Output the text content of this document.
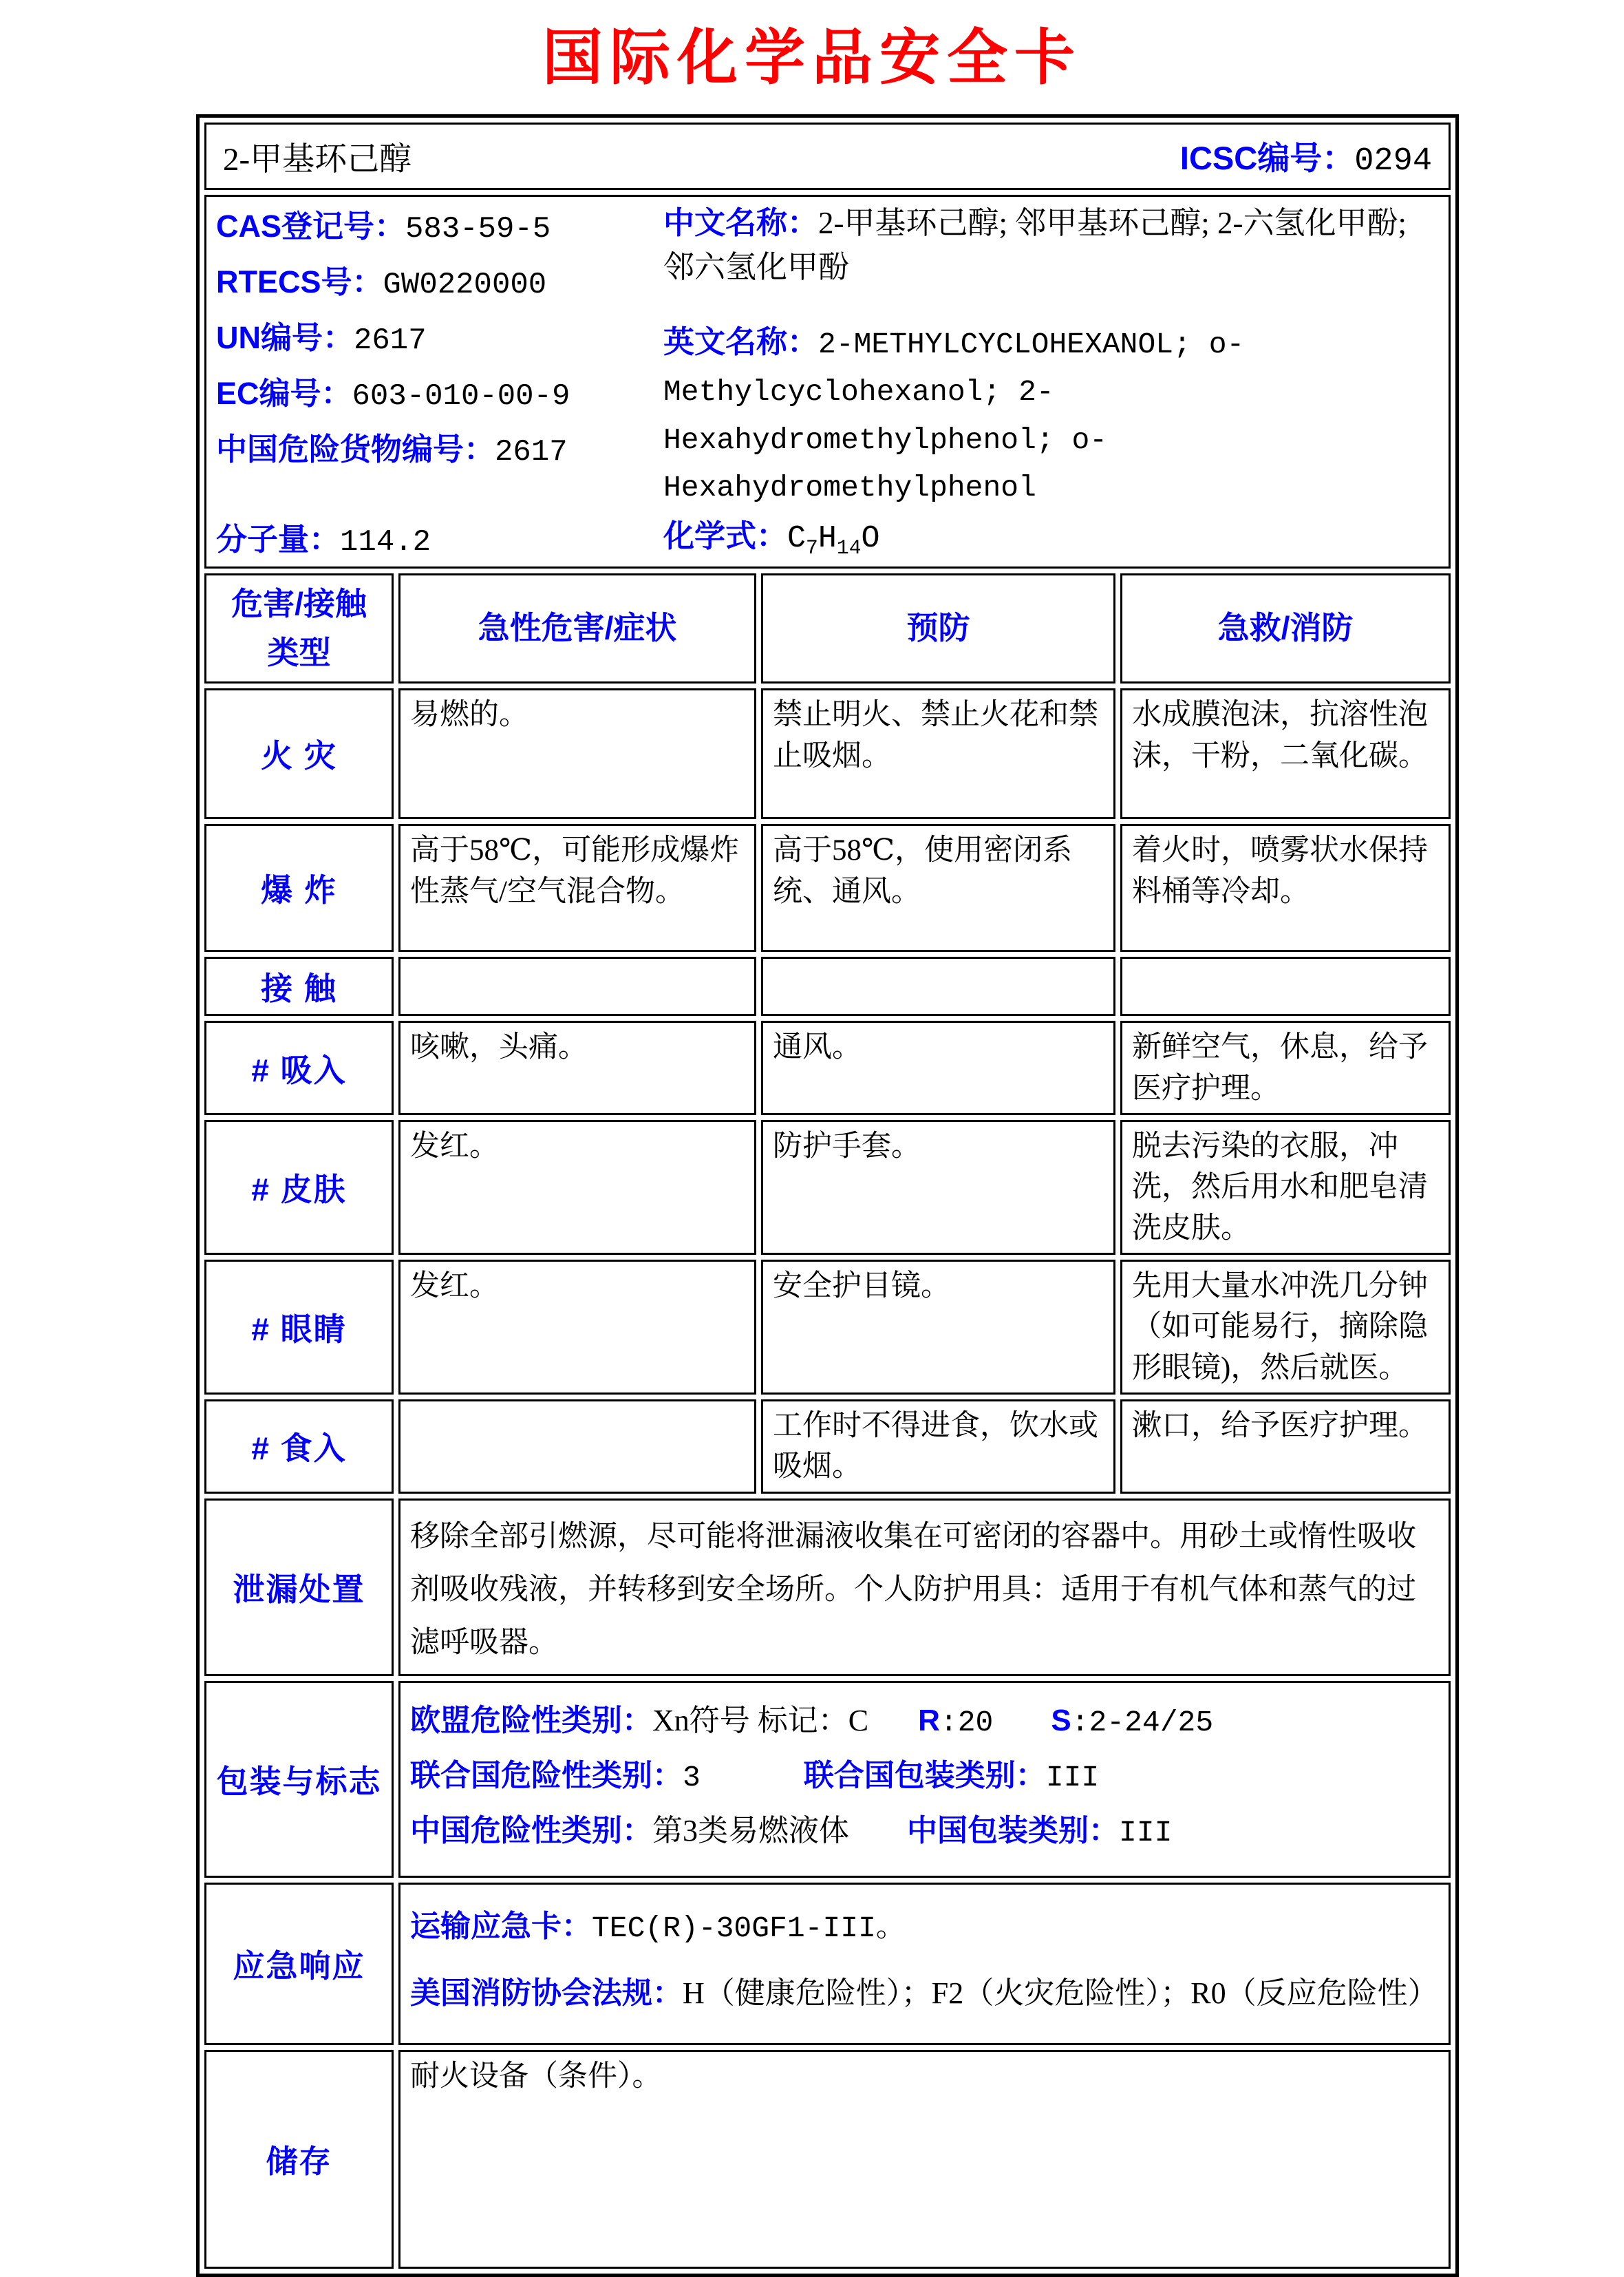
国际化学品安全卡
2-甲基环己醇 ICSC编号：0294			

CAS登记号：583-59-5
RTECS号：GW0220000
UN编号：2617
EC编号：603-010-00-9
中国危险货物编号：2617
分子量：114.2

中文名称：2-甲基环己醇; 邻甲基环己醇; 2-六氢化甲酚; 邻六氢化甲酚

英文名称：2-METHYLCYCLOHEXANOL; o-Methylcyclohexanol; 2-Hexahydromethylphenol; o-Hexahydromethylphenol

化学式：$C_7H_{14}O$

危害/接触类型	急性危害/症状	预防	急救/消防
火 灾	易燃的。	禁止明火、禁止火花和禁止吸烟。	水成膜泡沫，抗溶性泡沫，干粉，二氧化碳。
爆 炸	高于58℃，可能形成爆炸性蒸气/空气混合物。	高于58℃，使用密闭系统、通风。	着火时，喷雾状水保持料桶等冷却。
接 触			
# 吸入	咳嗽，头痛。	通风。	新鲜空气，休息，给予医疗护理。
# 皮肤	发红。	防护手套。	脱去污染的衣服，冲洗，然后用水和肥皂清洗皮肤。
# 眼睛	发红。	安全护目镜。	先用大量水冲洗几分钟（如可能易行，摘除隐形眼镜)，然后就医。
# 食入		工作时不得进食，饮水或吸烟。	漱口，给予医疗护理。
泄漏处置	移除全部引燃源，尽可能将泄漏液收集在可密闭的容器中。用砂土或惰性吸收剂吸收残液，并转移到安全场所。个人防护用具：适用于有机气体和蒸气的过滤呼吸器。		
包装与标志	欧盟危险性类别：Xn符号 标记：C R:20 S:2-24/25
联合国危险性类别：3 联合国包装类别：III
中国危险性类别：第3类易燃液体 中国包装类别：III		

应急响应	运输应急卡：TEC(R)-30GF1-III。
美国消防协会法规：H（健康危险性）；F2（火灾危险性）；R0（反应危险性）		

储存	耐火设备（条件）。		
